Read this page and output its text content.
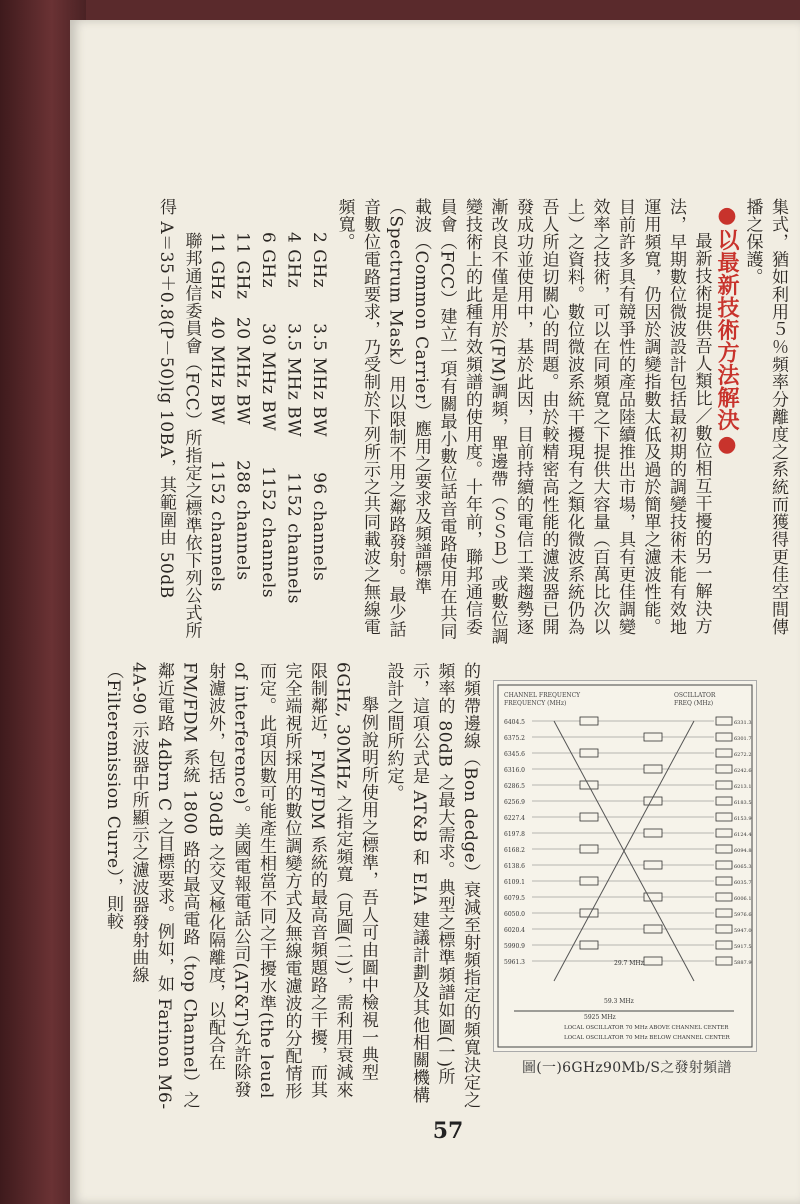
集式，猶如利用５％頻率分離度之系統而獲得更佳空間傳播之保護。

●以最新技術方法解決●

最新技術提供吾人類比／數位相互干擾的另一解決方法，早期數位微波設計包括最初期的調變技術未能有效地運用頻寬，仍因於調變指數太低及過於簡單之濾波性能。目前許多具有競爭性的產品陸續推出市場，具有更佳調變效率之技術，可以在同頻寬之下提供大容量（百萬比次以上）之資料。數位微波系統干擾現有之類化微波系統仍為吾人所迫切關心的問題。由於較精密高性能的濾波器已開發成功並使用中，基於此因，目前持續的電信工業趨勢逐漸改良不僅是用於(FM)調頻，單邊帶（ＳＳＢ）或數位調變技術上的此種有效頻譜的使用度。十年前，聯邦通信委員會（FCC）建立一項有關最小數位話音電路使用在共同載波（Common Carrier）應用之要求及頻譜標準（Spectrum Mask）用以限制不用之鄰路發射。最少話音數位電路要求，乃受制於下列所示之共同載波之無線電頻寬。

2 GHz　　3.5 MHz BW　　96 channels

4 GHz　　3.5 MHz BW　　1152 channels

6 GHz　　30 MHz BW　　1152 channels

11 GHz　20 MHz BW　　288 channels

11 GHz　40 MHz BW　　1152 channels

聯邦通信委員會（FCC）所指定之標準依下列公式所得 A＝35＋0.8(P－50)lg 10BA，其範圍由 50dB

的頻帶邊線（Bon dedge）衰減至射頻指定的頻寬決定之頻率的 80dB 之最大需求。典型之標準頻譜如圖(一)所示，這項公式是 AT&B 和 EIA 建議計劃及其他相關機構設計之間所約定。

舉例說明所使用之標準，吾人可由圖中檢視一典型 6GHz, 30MHz 之指定頻寬（見圖(二)），需利用衰減來限制鄰近，FM/FDM 系統的最高音頻題路之干擾，而其完全端視所採用的數位調變方式及無線電濾波的分配情形而定。此項因數可能產生相當不同之干擾水準(the leuel of interference)。美國電報電話公司(AT&T)允許除發射濾波外，包括 30dB 之交叉極化隔離度，以配合在 FM/FDM 系統 1800 路的最高電路（top Channel）之鄰近電路 4dbrn C 之目標要求。例如，如 Farinon M6-4A-90 示波器中所顯示之濾波器發射曲線（Filteremission Curre），則較	CHANNEL FREQUENCY
FREQUENCY (MHz)
OSCILLATOR
FREQ (MHz)
6404.5	6331.3
6375.2	6301.7
6345.6	6272.2
6316.0	6242.6
6286.5	6213.1
6256.9	6183.5
6227.4	6153.9
6197.8	6124.4
6168.2	6094.8
6138.6	6065.3
6109.1	6035.7
6079.5	6006.1
6050.0	5976.6
6020.4	5947.0
5990.9	5917.5
5961.3	5887.9
29.7 MHz
59.3 MHz
5925 MHz
LOCAL OSCILLATOR 70 MHz ABOVE CHANNEL CENTER
LOCAL OSCILLATOR 70 MHz BELOW CHANNEL CENTER
圖(一)6GHz90Mb/S之發射頻譜
57
